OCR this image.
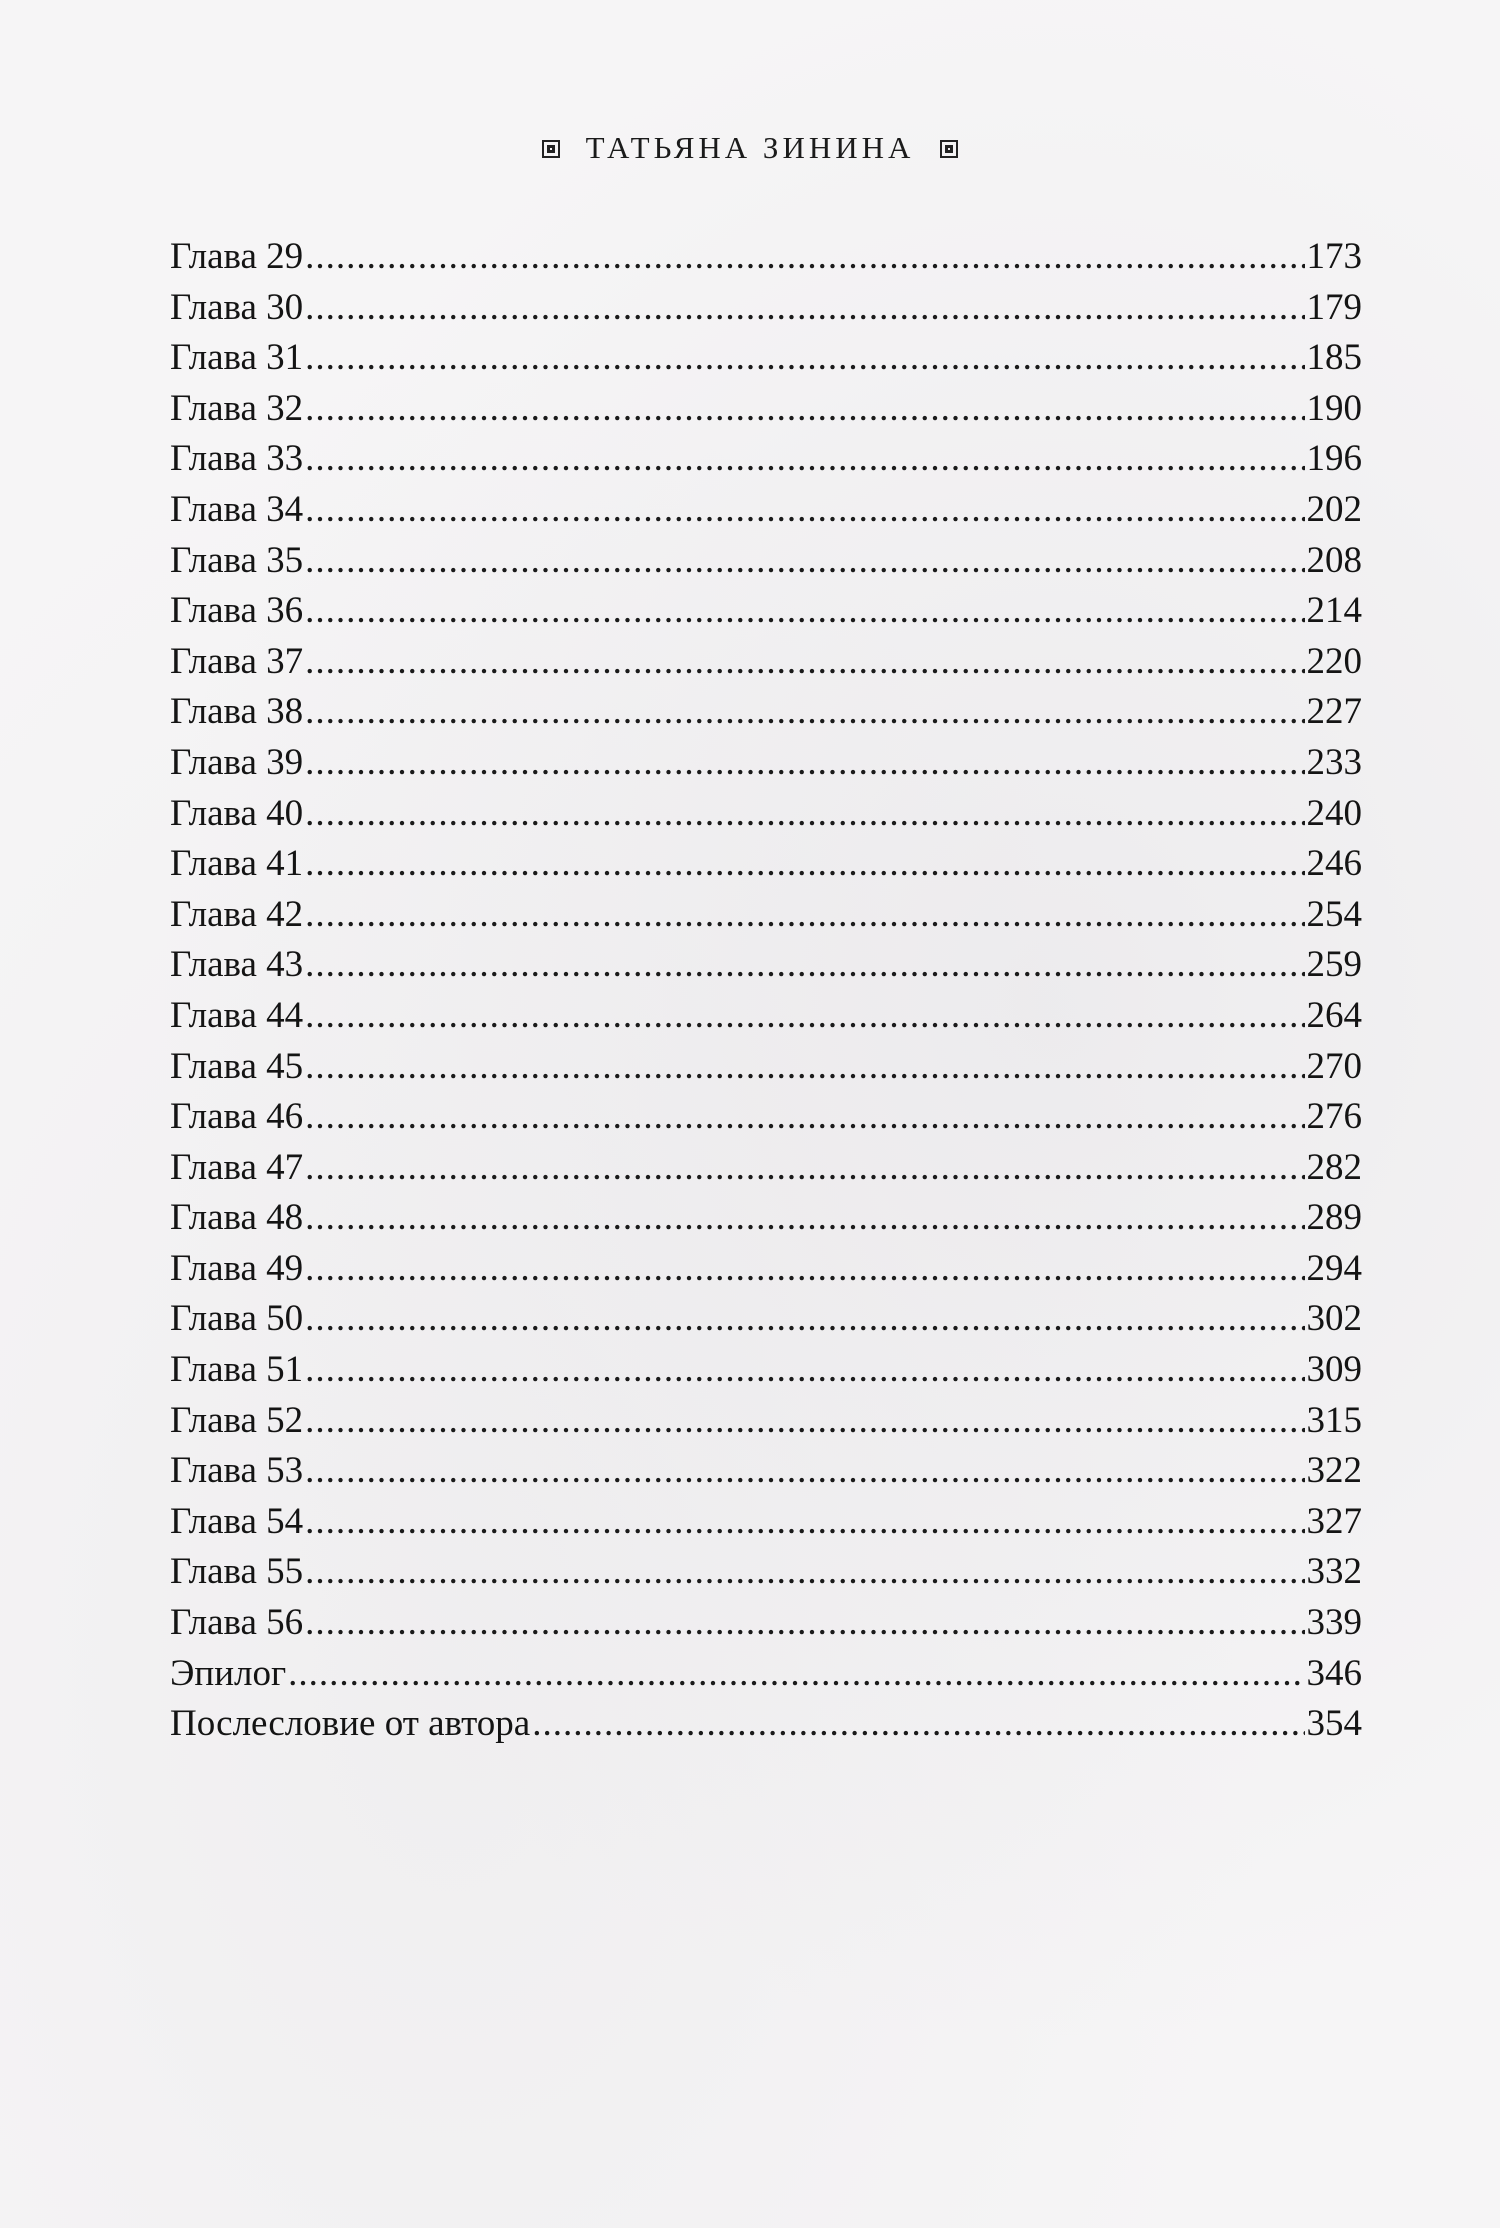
ТАТЬЯНА ЗИНИНА
Глава 29 .....	173
Глава 30 .....	179
Глава 31 .....	185
Глава 32 .....	190
Глава 33 .....	196
Глава 34 .....	202
Глава 35 .....	208
Глава 36 .....	214
Глава 37 .....	220
Глава 38 .....	227
Глава 39 .....	233
Глава 40 .....	240
Глава 41 .....	246
Глава 42 .....	254
Глава 43 .....	259
Глава 44 .....	264
Глава 45 .....	270
Глава 46 .....	276
Глава 47 .....	282
Глава 48 .....	289
Глава 49 .....	294
Глава 50 .....	302
Глава 51 .....	309
Глава 52 .....	315
Глава 53 .....	322
Глава 54 .....	327
Глава 55 .....	332
Глава 56 .....	339
Эпилог .....	346
Послесловие от автора .....	354
